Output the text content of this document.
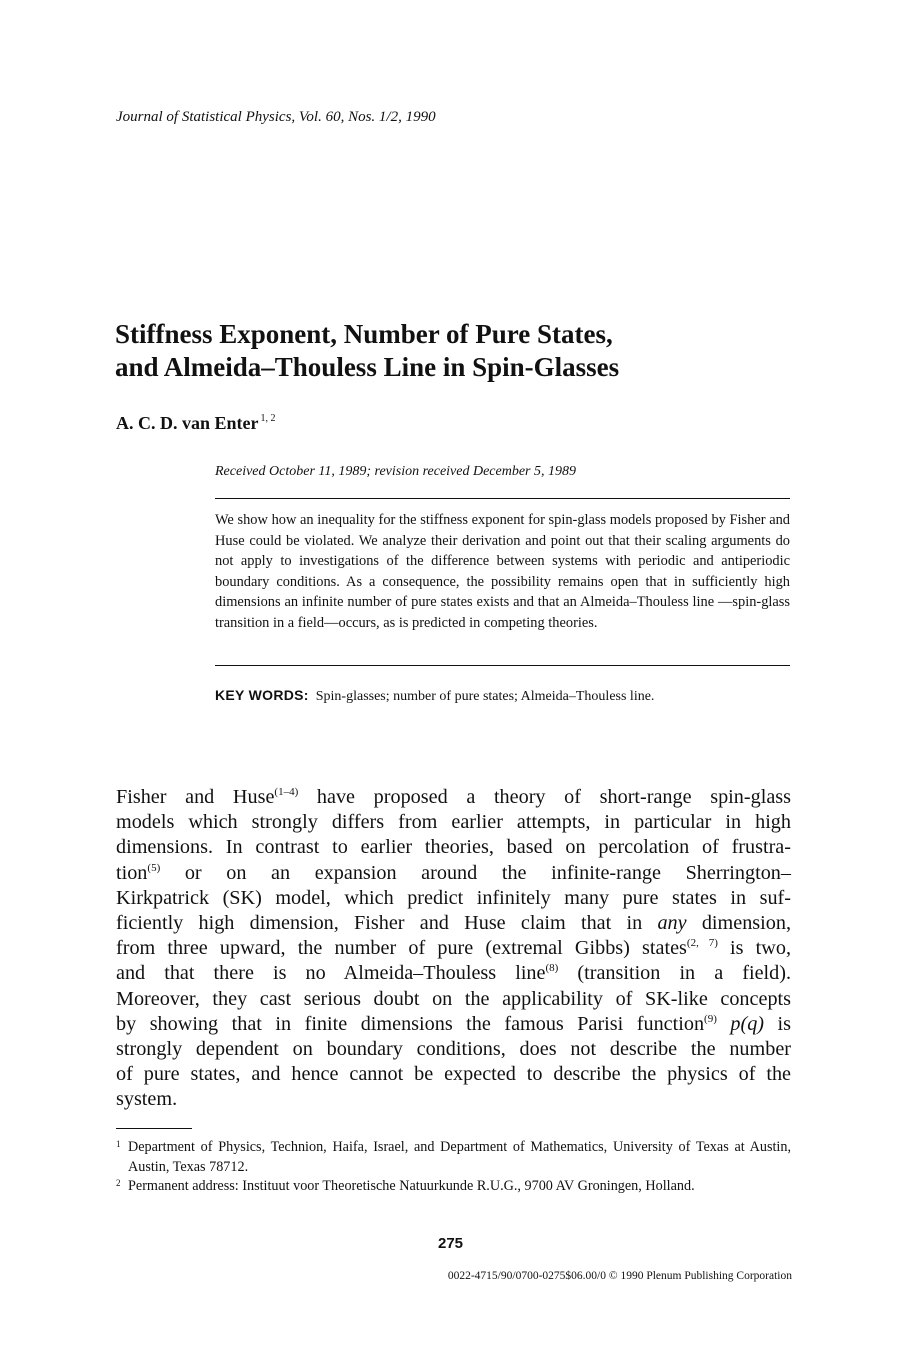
Journal of Statistical Physics, Vol. 60, Nos. 1/2, 1990
Stiffness Exponent, Number of Pure States,
and Almeida–Thouless Line in Spin-Glasses
A. C. D. van Enter $^{1, 2}$
Received October 11, 1989; revision received December 5, 1989
We show how an inequality for the stiffness exponent for spin-glass models proposed by Fisher and Huse could be violated. We analyze their derivation and point out that their scaling arguments do not apply to investigations of the difference between systems with periodic and antiperiodic boundary conditions. As a consequence, the possibility remains open that in sufficiently high dimensions an infinite number of pure states exists and that an Almeida–Thouless line —spin-glass transition in a field—occurs, as is predicted in competing theories.
KEY WORDS: Spin-glasses; number of pure states; Almeida–Thouless line.
Fisher and Huse$^{(1-4)}$ have proposed a theory of short-range spin-glass
models which strongly differs from earlier attempts, in particular in high
dimensions. In contrast to earlier theories, based on percolation of frustra-
tion$^{(5)}$ or on an expansion around the infinite-range Sherrington–
Kirkpatrick (SK) model, which predict infinitely many pure states in suf-
ficiently high dimension, Fisher and Huse claim that in any dimension,
from three upward, the number of pure (extremal Gibbs) states$^{(2, 7)}$ is two,
and that there is no Almeida–Thouless line$^{(8)}$ (transition in a field).
Moreover, they cast serious doubt on the applicability of SK-like concepts
by showing that in finite dimensions the famous Parisi function$^{(9)}$ p(q) is
strongly dependent on boundary conditions, does not describe the number
of pure states, and hence cannot be expected to describe the physics of the
system.
1 Department of Physics, Technion, Haifa, Israel, and Department of Mathematics, University of Texas at Austin, Austin, Texas 78712.
2 Permanent address: Instituut voor Theoretische Natuurkunde R.U.G., 9700 AV Groningen, Holland.
275
0022-4715/90/0700-0275$06.00/0 © 1990 Plenum Publishing Corporation
